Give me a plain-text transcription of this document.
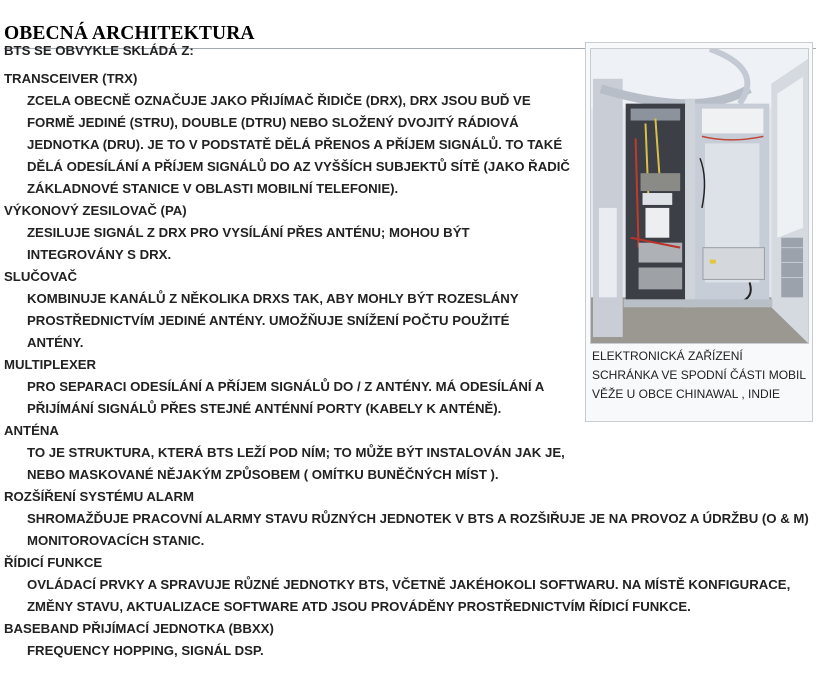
OBECNÁ ARCHITEKTURA

BTS SE OBVYKLE SKLÁDÁ Z:

TRANSCEIVER (TRX)
ZCELA OBECNĚ OZNAČUJE JAKO PŘIJÍMAČ ŘIDIČE (DRX), DRX JSOU BUĎ VE FORMĚ JEDINÉ (STRU), DOUBLE (DTRU) NEBO SLOŽENÝ DVOJITÝ RÁDIOVÁ JEDNOTKA (DRU). JE TO V PODSTATĚ DĚLÁ PŘENOS A PŘÍJEM SIGNÁLŮ. TO TAKÉ DĚLÁ ODESÍLÁNÍ A PŘÍJEM SIGNÁLŮ DO AZ VYŠŠÍCH SUBJEKTŮ SÍTĚ (JAKO ŘADIČ ZÁKLADNOVÉ STANICE V OBLASTI MOBILNÍ TELEFONIE).
VÝKONOVÝ ZESILOVAČ (PA)
ZESILUJE SIGNÁL Z DRX PRO VYSÍLÁNÍ PŘES ANTÉNU; MOHOU BÝT INTEGROVÁNY S DRX.
SLUČOVAČ
KOMBINUJE KANÁLŮ Z NĚKOLIKA DRXS TAK, ABY MOHLY BÝT ROZESLÁNY PROSTŘEDNICTVÍM JEDINÉ ANTÉNY. UMOŽŇUJE SNÍŽENÍ POČTU POUŽITÉ ANTÉNY.
MULTIPLEXER
PRO SEPARACI ODESÍLÁNÍ A PŘÍJEM SIGNÁLŮ DO / Z ANTÉNY. MÁ ODESÍLÁNÍ A PŘIJÍMÁNÍ SIGNÁLŮ PŘES STEJNÉ ANTÉNNÍ PORTY (KABELY K ANTÉNĚ).
ANTÉNA
TO JE STRUKTURA, KTERÁ BTS LEŽÍ POD NÍM; TO MŮŽE BÝT INSTALOVÁN JAK JE, NEBO MASKOVANÉ NĚJAKÝM ZPŮSOBEM ( OMÍTKU BUNĚČNÝCH MÍST ).
ROZŠÍŘENÍ SYSTÉMU ALARM
SHROMAŽĎUJE PRACOVNÍ ALARMY STAVU RŮZNÝCH JEDNOTEK V BTS A ROZŠIŘUJE JE NA PROVOZ A ÚDRŽBU (O & M) MONITOROVACÍCH STANIC.
ŘÍDICÍ FUNKCE
OVLÁDACÍ PRVKY A SPRAVUJE RŮZNÉ JEDNOTKY BTS, VČETNĚ JAKÉHOKOLI SOFTWARU. NA MÍSTĚ KONFIGURACE, ZMĚNY STAVU, AKTUALIZACE SOFTWARE ATD JSOU PROVÁDĚNY PROSTŘEDNICTVÍM ŘÍDICÍ FUNKCE.
BASEBAND PŘIJÍMACÍ JEDNOTKA (BBXX)
FREQUENCY HOPPING, SIGNÁL DSP.
ELEKTRONICKÁ ZAŘÍZENÍ SCHRÁNKA VE SPODNÍ ČÁSTI MOBIL VĚŽE U OBCE CHINAWAL , INDIE
